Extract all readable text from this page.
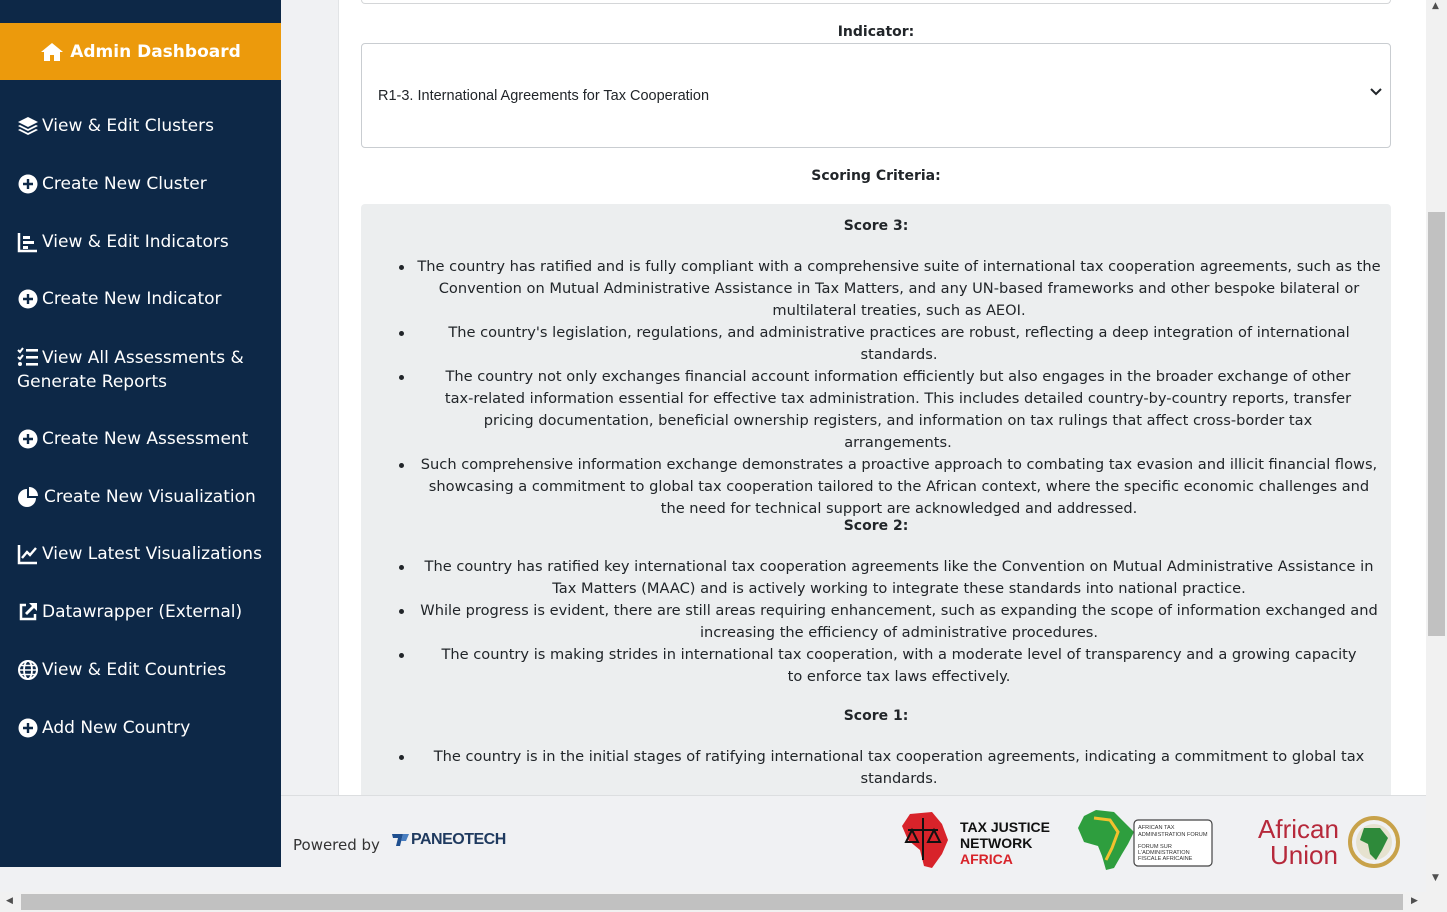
Admin Dashboard
View & Edit Clusters
Create New Cluster
View & Edit Indicators
Create New Indicator
View All Assessments & Generate Reports
Create New Assessment
Create New Visualization
View Latest Visualizations
Datawrapper (External)
View & Edit Countries
Add New Country
Indicator:
R1-3. International Agreements for Tax Cooperation
Scoring Criteria:
Score 3:
The country has ratified and is fully compliant with a comprehensive suite of international tax cooperation agreements, such as the Convention on Mutual Administrative Assistance in Tax Matters, and any UN-based frameworks and other bespoke bilateral or multilateral treaties, such as AEOI.
The country's legislation, regulations, and administrative practices are robust, reflecting a deep integration of international standards.
The country not only exchanges financial account information efficiently but also engages in the broader exchange of other tax-related information essential for effective tax administration. This includes detailed country-by-country reports, transfer pricing documentation, beneficial ownership registers, and information on tax rulings that affect cross-border tax arrangements.
Such comprehensive information exchange demonstrates a proactive approach to combating tax evasion and illicit financial flows, showcasing a commitment to global tax cooperation tailored to the African context, where the specific economic challenges and the need for technical support are acknowledged and addressed.
Score 2:
The country has ratified key international tax cooperation agreements like the Convention on Mutual Administrative Assistance in Tax Matters (MAAC) and is actively working to integrate these standards into national practice.
While progress is evident, there are still areas requiring enhancement, such as expanding the scope of information exchanged and increasing the efficiency of administrative procedures.
The country is making strides in international tax cooperation, with a moderate level of transparency and a growing capacity to enforce tax laws effectively.
Score 1:
The country is in the initial stages of ratifying international tax cooperation agreements, indicating a commitment to global tax standards.
Powered by PANEOTECH
TAX JUSTICE
NETWORK
AFRICA
AFRICAN TAX
ADMINISTRATION FORUM
FORUM SUR
L'ADMINISTRATION
FISCALE AFRICAINE
African
Union
▲
▼
◀	▶
